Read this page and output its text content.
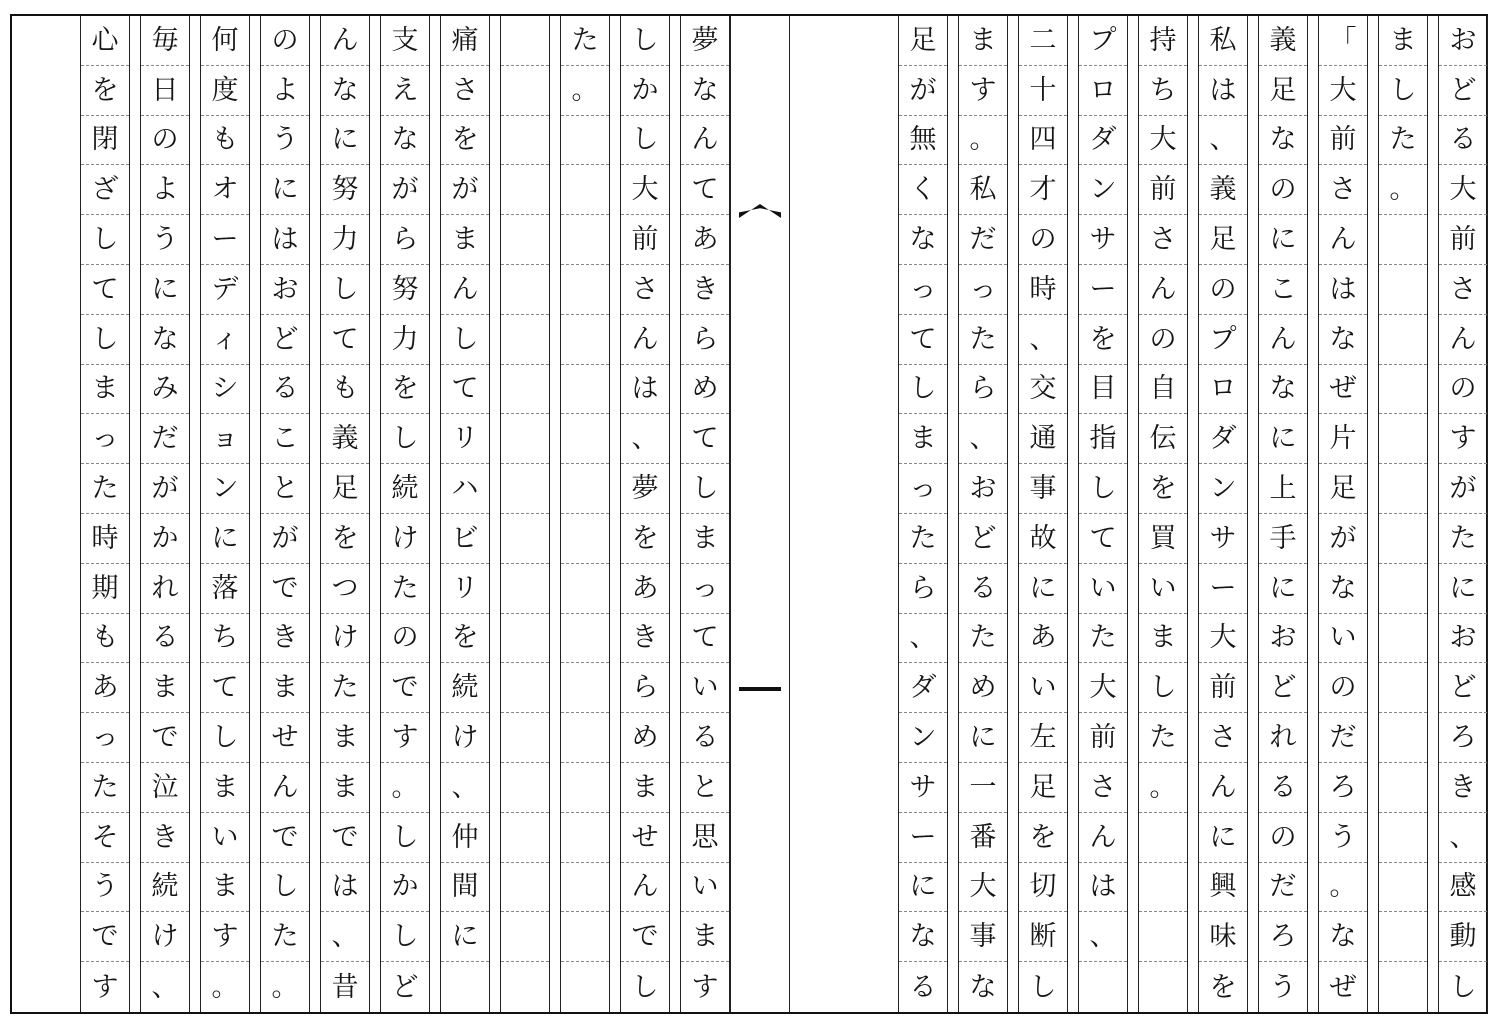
お
ど
る
大
前
さ
ん
の
す
が
た
に
お
ど
ろ
き
、
感
動
し
ま
し
た
。
「
大
前
さ
ん
は
な
ぜ
片
足
が
な
い
の
だ
ろ
う
。
な
ぜ
義
足
な
の
に
こ
ん
な
に
上
手
に
お
ど
れ
る
の
だ
ろ
う
私
は
、
義
足
の
プ
ロ
ダ
ン
サ
ー
大
前
さ
ん
に
興
味
を
持
ち
大
前
さ
ん
の
自
伝
を
買
い
ま
し
た
。
プ
ロ
ダ
ン
サ
ー
を
目
指
し
て
い
た
大
前
さ
ん
は
、
二
十
四
才
の
時
、
交
通
事
故
に
あ
い
左
足
を
切
断
し
ま
す
。
私
だ
っ
た
ら
、
お
ど
る
た
め
に
一
番
大
事
な
足
が
無
く
な
っ
て
し
ま
っ
た
ら
、
ダ
ン
サ
ー
に
な
る
夢
な
ん
て
あ
き
ら
め
て
し
ま
っ
て
い
る
と
思
い
ま
す
し
か
し
大
前
さ
ん
は
、
夢
を
あ
き
ら
め
ま
せ
ん
で
し
た
。
痛
さ
を
が
ま
ん
し
て
リ
ハ
ビ
リ
を
続
け
、
仲
間
に
支
え
な
が
ら
努
力
を
し
続
け
た
の
で
す
。
し
か
し
ど
ん
な
に
努
力
し
て
も
義
足
を
つ
け
た
ま
ま
で
は
、
昔
の
よ
う
に
は
お
ど
る
こ
と
が
で
き
ま
せ
ん
で
し
た
。
何
度
も
オ
ー
デ
ィ
シ
ョ
ン
に
落
ち
て
し
ま
い
ま
す
。
毎
日
の
よ
う
に
な
み
だ
が
か
れ
る
ま
で
泣
き
続
け
、
心
を
閉
ざ
し
て
し
ま
っ
た
時
期
も
あ
っ
た
そ
う
で
す
